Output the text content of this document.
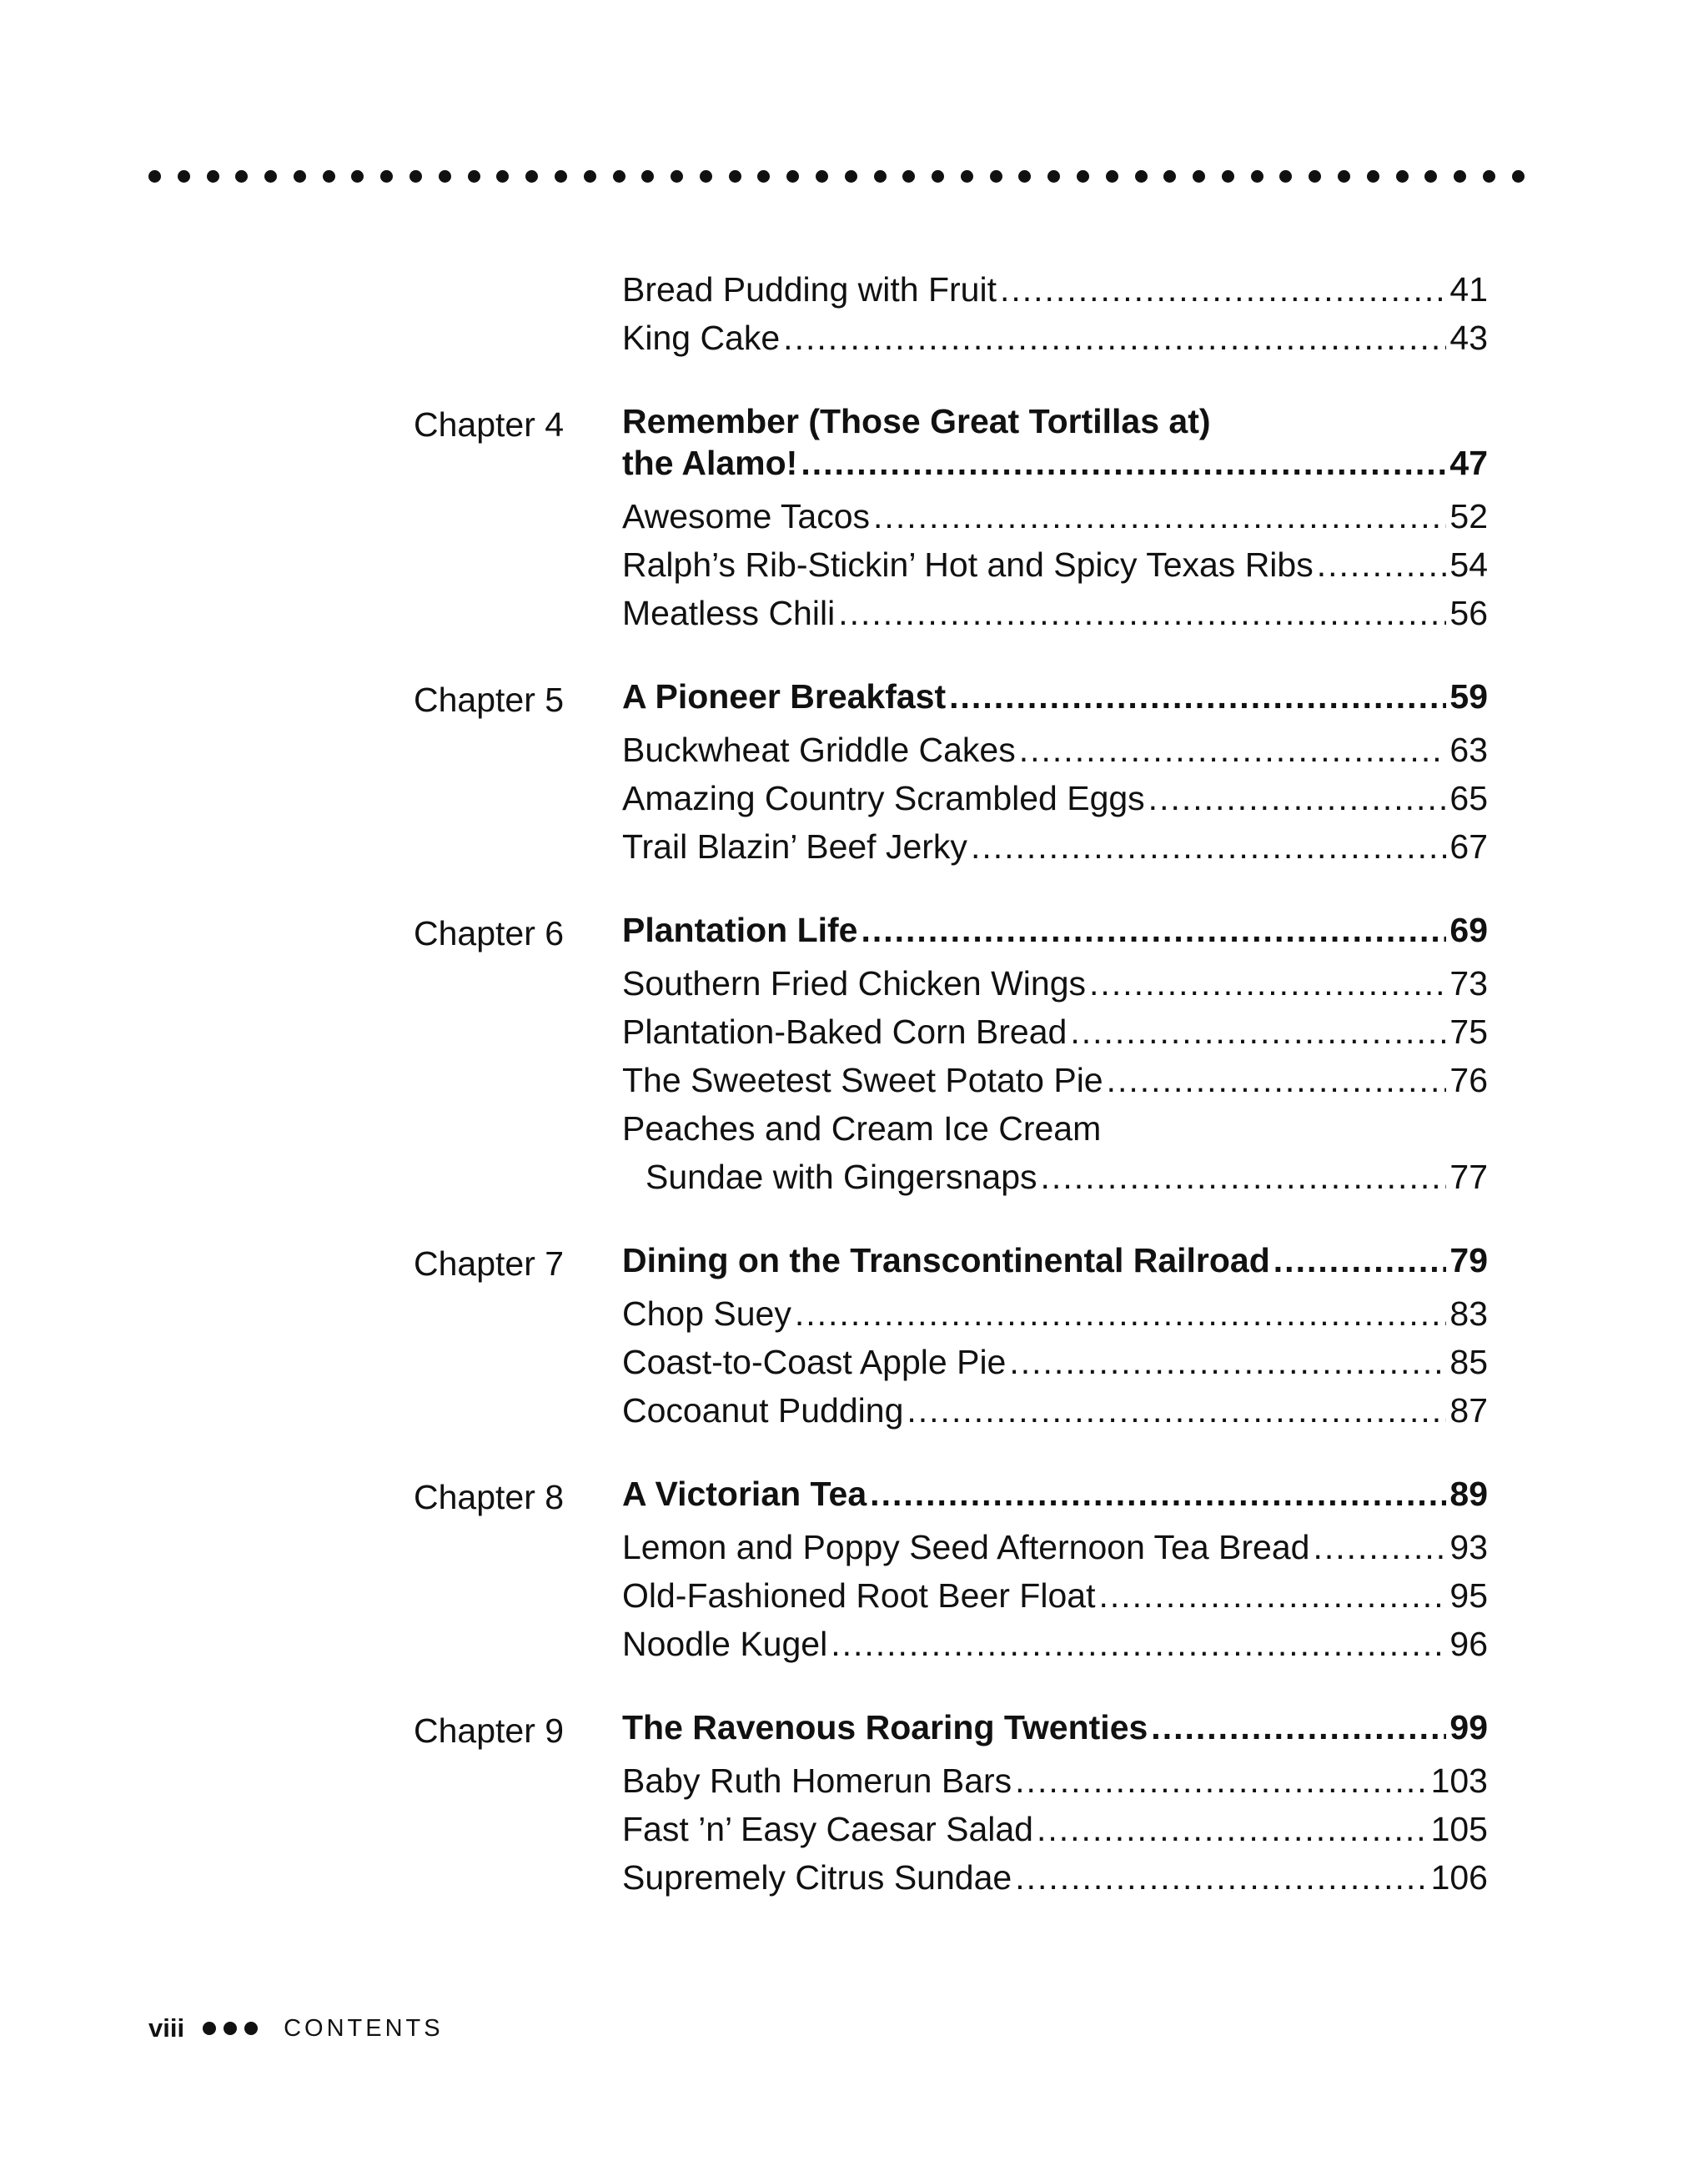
Bread Pudding with Fruit .....	41
King Cake .....	43
Chapter 4 Remember (Those Great Tortillas at)
the Alamo! .....	47
Awesome Tacos .....	52
Ralph’s Rib-Stickin’ Hot and Spicy Texas Ribs .....	54
Meatless Chili .....	56
Chapter 5 A Pioneer Breakfast .....	59
Buckwheat Griddle Cakes .....	63
Amazing Country Scrambled Eggs .....	65
Trail Blazin’ Beef Jerky .....	67
Chapter 6 Plantation Life .....	69
Southern Fried Chicken Wings .....	73
Plantation-Baked Corn Bread .....	75
The Sweetest Sweet Potato Pie .....	76
Peaches and Cream Ice Cream
Sundae with Gingersnaps .....	77
Chapter 7 Dining on the Transcontinental Railroad .....	79
Chop Suey .....	83
Coast-to-Coast Apple Pie .....	85
Cocoanut Pudding .....	87
Chapter 8 A Victorian Tea .....	89
Lemon and Poppy Seed Afternoon Tea Bread .....	93
Old-Fashioned Root Beer Float .....	95
Noodle Kugel .....	96
Chapter 9 The Ravenous Roaring Twenties .....	99
Baby Ruth Homerun Bars .....	103
Fast ’n’ Easy Caesar Salad .....	105
Supremely Citrus Sundae .....	106
viii	CONTENTS
